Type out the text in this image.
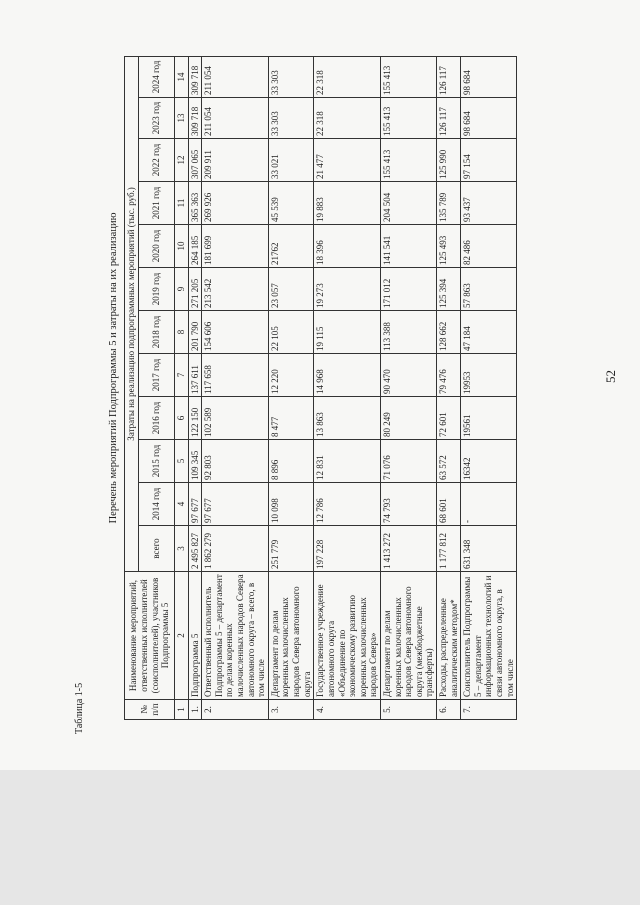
52
Таблица 1-5
Перечень мероприятий Подпрограммы 5 и затраты на их реализацию
№ п/п	Наименование мероприятий, ответственных исполнителей (соисполнителей), участников Подпрограммы 5	Затраты на реализацию подпрограммных мероприятий (тыс. руб.)											
		всего	2014 год	2015 год	2016 год	2017 год	2018 год	2019 год	2020 год	2021 год	2022 год	2023 год	2024 год
1	2	3	4	5	6	7	8	9	10	11	12	13	14
1.	Подпрограмма 5	2 495 827	97 677	109 345	122 150	137 611	201 790	271 205	264 185	365 363	307 065	309 718	309 718
2.	Ответственный исполнитель Подпрограммы 5 – департамент по делам коренных малочисленных народов Севера автономного округа – всего, в том числе	1 862 279	97 677	92 803	102 589	117 658	154 606	213 542	181 699	269 926	209 911	211 054	211 054
3.	Департамент по делам коренных малочисленных народов Севера автономного округа	251 779	10 098	8 896	8 477	12 220	22 105	23 057	21762	45 539	33 021	33 303	33 303
4.	Государственное учреждение автономного округа «Объединение по экономическому развитию коренных малочисленных народов Севера»	197 228	12 786	12 831	13 863	14 968	19 115	19 273	18 396	19 883	21 477	22 318	22 318
5.	Департамент по делам коренных малочисленных народов Севера автономного округа (межбюджетные трансферты)	1 413 272	74 793	71 076	80 249	90 470	113 388	171 012	141 541	204 504	155 413	155 413	155 413
6.	Расходы, распределенные аналитическим методом*	1 177 812	68 601	63 572	72 601	79 476	128 662	125 394	125 493	135 789	125 990	126 117	126 117
7.	Соисполнитель Подпрограммы 5 – департамент информационных технологий и связи автономного округа, в том числе	631 348	-	16342	19561	19953	47 184	57 863	82 486	93 437	97 154	98 684	98 684
